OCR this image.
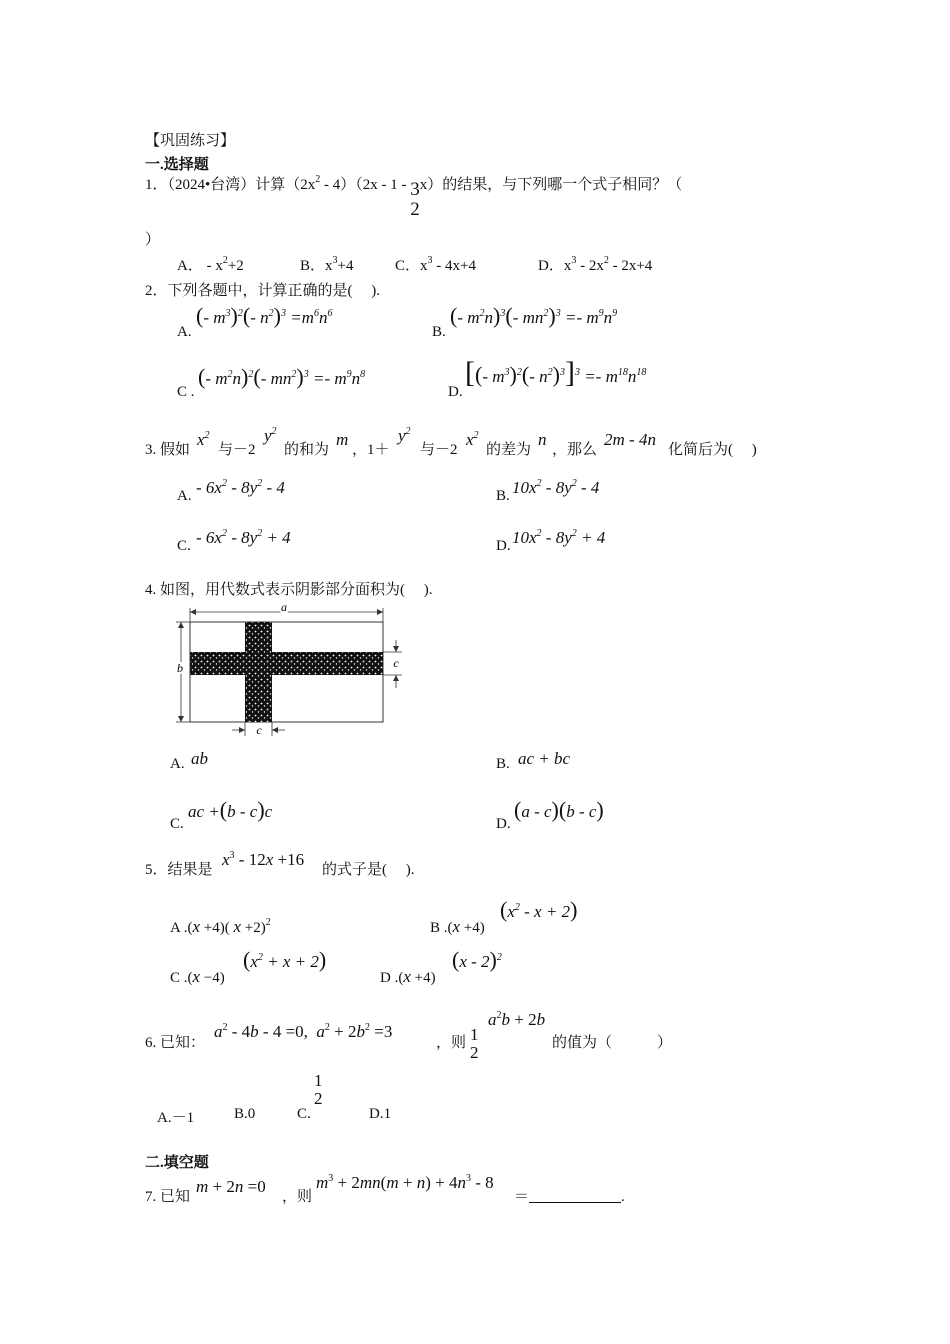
【巩固练习】
一.选择题
1．（2024•台湾）计算$(2x^2 - 4)(2x - 1 - 3$
2
x）的结果，与下列哪一个式子相同？（
）
A． - $x^2+2$	B．$x^3+4$	C．$x^3 - 4x+4$	D．$x^3 - 2x^2 - 2x+4$
2．下列各题中，计算正确的是(　 ).
A.
(- $m^3)^2(-$ $n^2)^3 =m^6n^6$
B.
(- $m^2n)^3(-$ $mn^2)^3 =- m^9n^9$
C .
(- $m^2n)^2(-$ $mn^2)^3 =- m^9n^8$
D.
[(- $m^3)^2(-$ $n^2)^3]^3 =- m^{18}n^{18}$
3. 假如
$x^2$
与－2
$y^2$
的和为
m
，1＋
$y^2$
与－2
$x^2$
的差为
n
，那么
2m - 4n
化简后为(　 )
A. - $6x^2 - 8y^2 - 4$	B. $10x^2 - 8y^2 - 4$
C. - $6x^2 - 8y^2 + 4$	D. $10x^2 - 8y^2 + 4$
4. 如图，用代数式表示阴影部分面积为(　 ).
a
b	c
c
A. ab	B. ac + bc
C.
ac +(b - c)c
D.
(a - c)(b - c)
5．结果是
$x^3 - 12x +16$
的式子是(　 ).
A .(x +4)( x +2)$^2$	B .(x +4)
$(x^2 - x + 2)$
C .(x −4)
$(x^2 + x + 2)$
D .(x +4)
(x - 2)$^2$
6. 已知：
$a^2 - 4b - 4 =0$,  $a^2 + 2b^2 =3$
，则 1
2
$a^2b + 2b$
的值为（　　　）
A.－1	B.0	C.
1
2
D.1
二.填空题
7. 已知
m + 2n =0
，则
$m^3 + 2mn(m + n) + 4n^3 - 8$
＝	.
